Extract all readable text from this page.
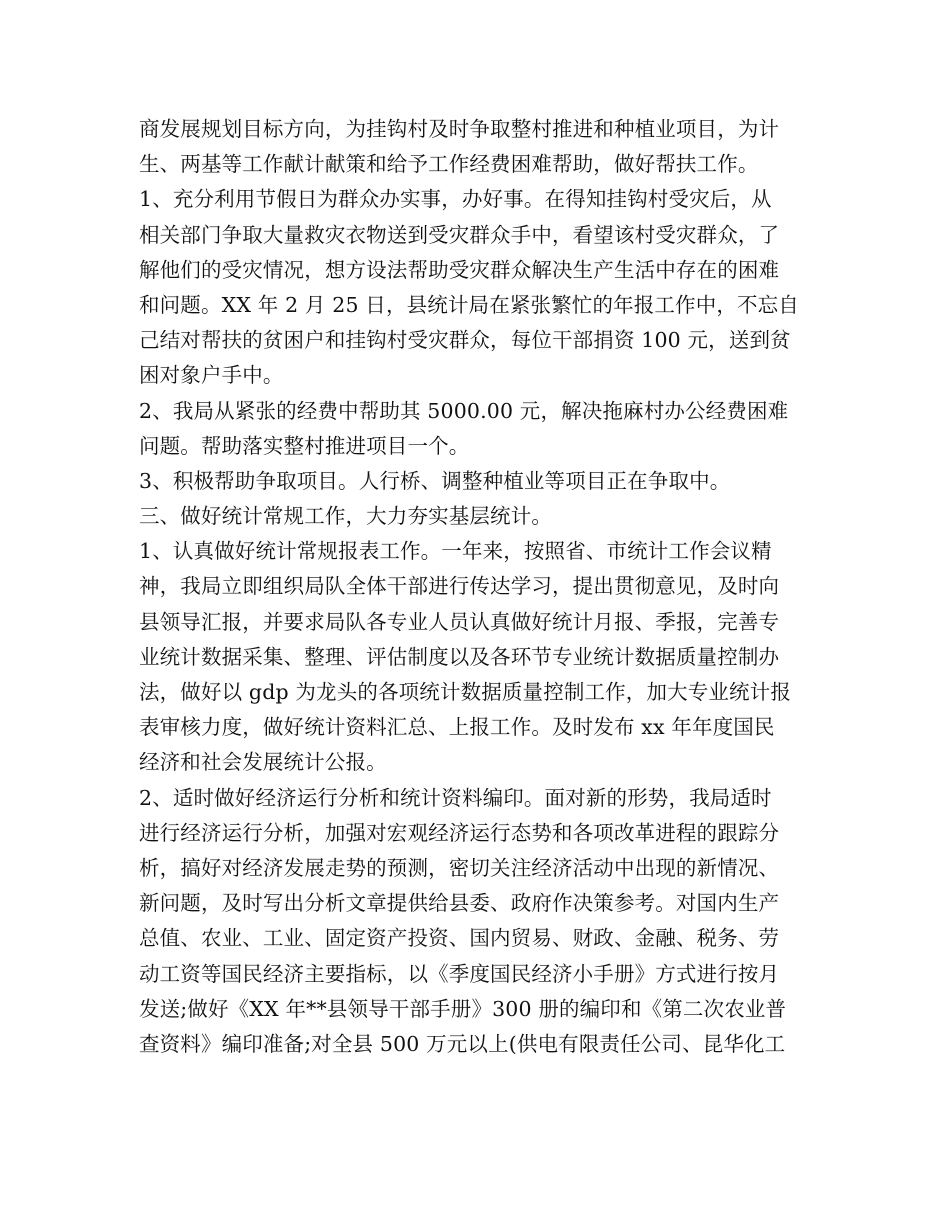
商发展规划目标方向，为挂钩村及时争取整村推进和种植业项目，为计
生、两基等工作献计献策和给予工作经费困难帮助，做好帮扶工作。
1、充分利用节假日为群众办实事，办好事。在得知挂钩村受灾后，从
相关部门争取大量救灾衣物送到受灾群众手中，看望该村受灾群众，了
解他们的受灾情况，想方设法帮助受灾群众解决生产生活中存在的困难
和问题。XX 年 2 月 25 日，县统计局在紧张繁忙的年报工作中，不忘自
己结对帮扶的贫困户和挂钩村受灾群众，每位干部捐资 100 元，送到贫
困对象户手中。
2、我局从紧张的经费中帮助其 5000.00 元，解决拖麻村办公经费困难
问题。帮助落实整村推进项目一个。
3、积极帮助争取项目。人行桥、调整种植业等项目正在争取中。
三、做好统计常规工作，大力夯实基层统计。
1、认真做好统计常规报表工作。一年来，按照省、市统计工作会议精
神，我局立即组织局队全体干部进行传达学习，提出贯彻意见，及时向
县领导汇报，并要求局队各专业人员认真做好统计月报、季报，完善专
业统计数据采集、整理、评估制度以及各环节专业统计数据质量控制办
法，做好以 gdp 为龙头的各项统计数据质量控制工作，加大专业统计报
表审核力度，做好统计资料汇总、上报工作。及时发布 xx 年年度国民
经济和社会发展统计公报。
2、适时做好经济运行分析和统计资料编印。面对新的形势，我局适时
进行经济运行分析，加强对宏观经济运行态势和各项改革进程的跟踪分
析，搞好对经济发展走势的预测，密切关注经济活动中出现的新情况、
新问题，及时写出分析文章提供给县委、政府作决策参考。对国内生产
总值、农业、工业、固定资产投资、国内贸易、财政、金融、税务、劳
动工资等国民经济主要指标，以《季度国民经济小手册》方式进行按月
发送;做好《XX 年**县领导干部手册》300 册的编印和《第二次农业普
查资料》编印准备;对全县 500 万元以上(供电有限责任公司、昆华化工
